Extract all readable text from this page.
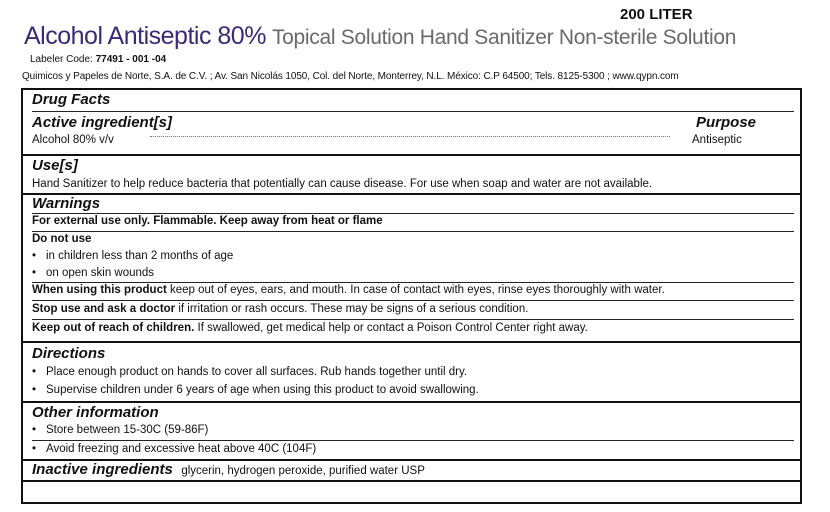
200 LITER
Alcohol Antiseptic 80% Topical Solution Hand Sanitizer Non-sterile Solution
Labeler Code: 77491 - 001 -04
Quimicos y Papeles de Norte, S.A. de C.V. ; Av. San Nicolás 1050, Col. del Norte, Monterrey, N.L. México: C.P 64500; Tels. 8125-5300 ; www.qypn.com
Drug Facts
Active ingredient[s]	Purpose
Alcohol 80% v/v	Antiseptic
Use[s]
Hand Sanitizer to help reduce bacteria that potentially can cause disease. For use when soap and water are not available.
Warnings
For external use only. Flammable. Keep away from heat or flame
Do not use
• in children less than 2 months of age
• on open skin wounds
When using this product keep out of eyes, ears, and mouth. In case of contact with eyes, rinse eyes thoroughly with water.
Stop use and ask a doctor if irritation or rash occurs. These may be signs of a serious condition.
Keep out of reach of children. If swallowed, get medical help or contact a Poison Control Center right away.
Directions
• Place enough product on hands to cover all surfaces. Rub hands together until dry.
• Supervise children under 6 years of age when using this product to avoid swallowing.
Other information
• Store between 15-30C (59-86F)
• Avoid freezing and excessive heat above 40C (104F)
Inactive ingredients glycerin, hydrogen peroxide, purified water USP
